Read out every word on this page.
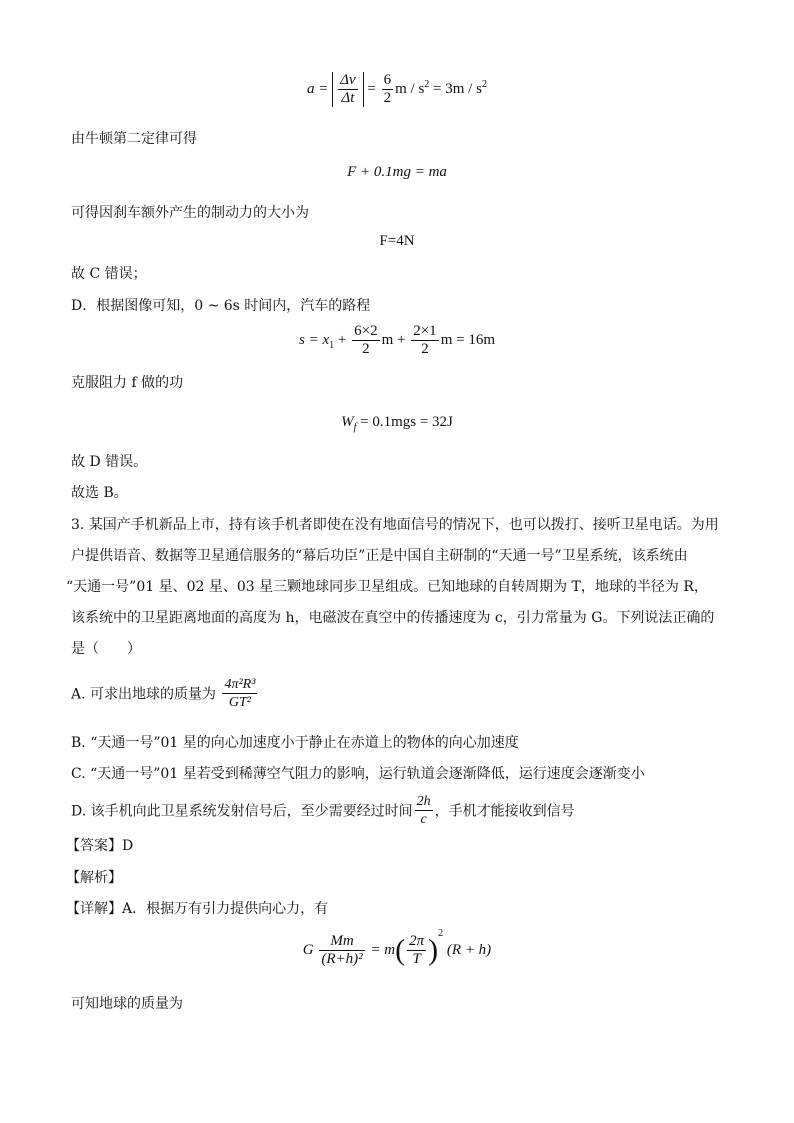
$a = \frac{\Delta v}{\Delta t} = \frac{6}{2}$ $m / s^2 = 3m / s^2$
由牛顿第二定律可得
F + 0.1mg = ma
可得因刹车额外产生的制动力的大小为
F=4N
故 C 错误；
D．根据图像可知，0 ~ 6s 时间内，汽车的路程
$s = x_1 + \frac{6\times 2}{2}$ $m + \frac{2\times 1}{2}$ m = 16m
克服阻力 f 做的功
$W_f = 0.1mgs = 32J$
故 D 错误。
故选 B。
3. 某国产手机新品上市，持有该手机者即使在没有地面信号的情况下，也可以拨打、接听卫星电话。为用
户提供语音、数据等卫星通信服务的“幕后功臣”正是中国自主研制的“天通一号”卫星系统，该系统由
“天通一号”01 星、02 星、03 星三颗地球同步卫星组成。已知地球的自转周期为 T，地球的半径为 R，
该系统中的卫星距离地面的高度为 h，电磁波在真空中的传播速度为 c，引力常量为 G。下列说法正确的
是（　　）
A. 可求出地球的质量为 $\frac{\text{4π²R³}}{\text{GT²}}$
B. “天通一号”01 星的向心加速度小于静止在赤道上的物体的向心加速度
C. “天通一号”01 星若受到稀薄空气阻力的影响，运行轨道会逐渐降低，运行速度会逐渐变小
D. 该手机向此卫星系统发射信号后，至少需要经过时间 $\frac{2h}{c}$ ，手机才能接收到信号
【答案】D
【解析】
【详解】A．根据万有引力提供向心力，有
G $\frac{Mm}{\text{(R+h)²}} = m( \frac{2\pi}{T} )^2$ (R + h)
可知地球的质量为
